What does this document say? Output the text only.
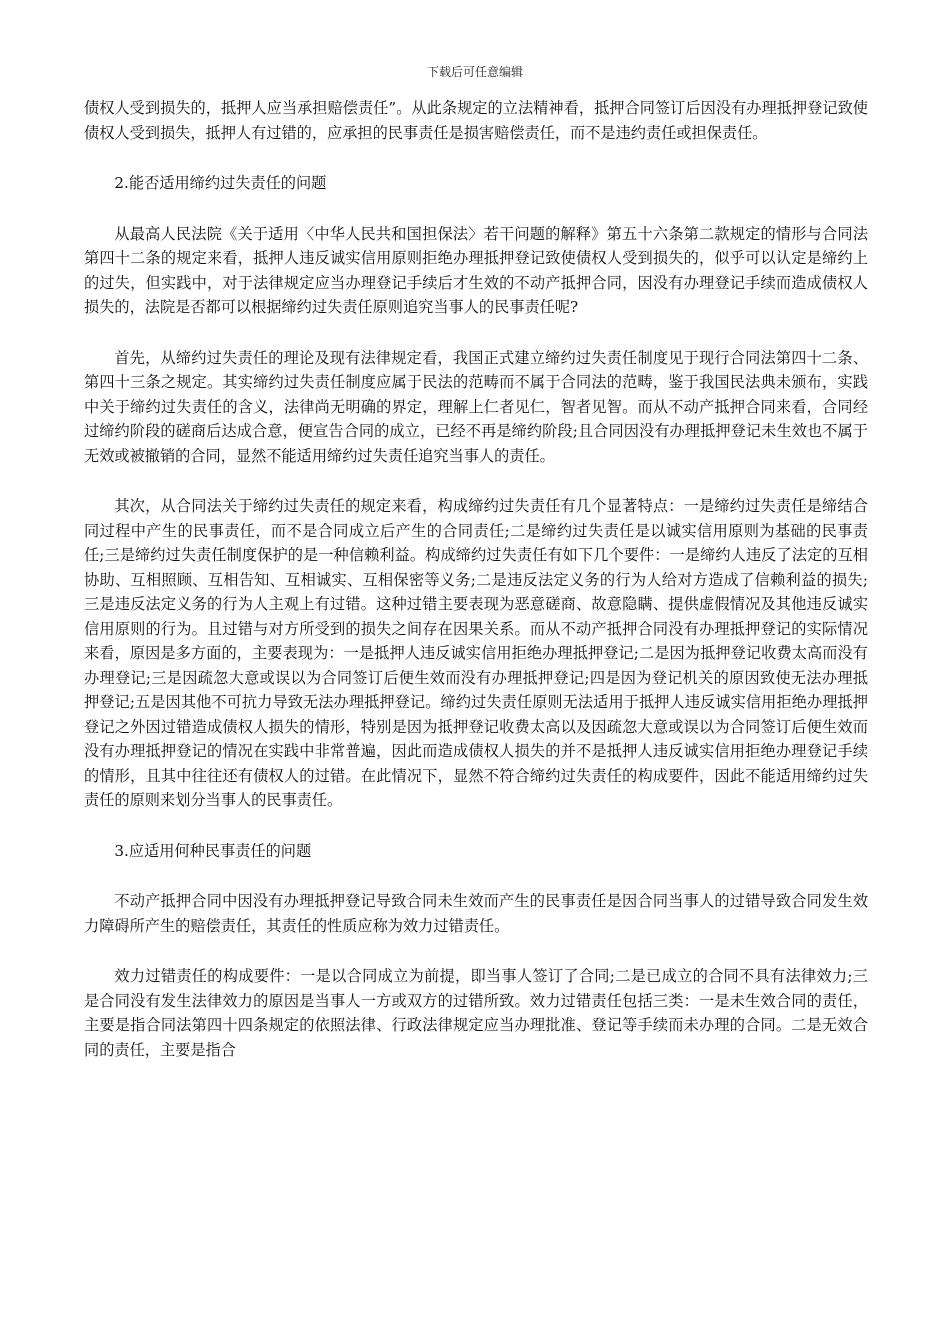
下载后可任意编辑

债权人受到损失的，抵押人应当承担赔偿责任”。从此条规定的立法精神看，抵押合同签订后因没有办理抵押登记致使债权人受到损失，抵押人有过错的，应承担的民事责任是损害赔偿责任，而不是违约责任或担保责任。

2.能否适用缔约过失责任的问题

从最高人民法院《关于适用〈中华人民共和国担保法〉若干问题的解释》第五十六条第二款规定的情形与合同法第四十二条的规定来看，抵押人违反诚实信用原则拒绝办理抵押登记致使债权人受到损失的，似乎可以认定是缔约上的过失，但实践中，对于法律规定应当办理登记手续后才生效的不动产抵押合同，因没有办理登记手续而造成债权人损失的，法院是否都可以根据缔约过失责任原则追究当事人的民事责任呢?

首先，从缔约过失责任的理论及现有法律规定看，我国正式建立缔约过失责任制度见于现行合同法第四十二条、第四十三条之规定。其实缔约过失责任制度应属于民法的范畴而不属于合同法的范畴，鉴于我国民法典未颁布，实践中关于缔约过失责任的含义，法律尚无明确的界定，理解上仁者见仁，智者见智。而从不动产抵押合同来看，合同经过缔约阶段的磋商后达成合意，便宣告合同的成立，已经不再是缔约阶段;且合同因没有办理抵押登记未生效也不属于无效或被撤销的合同，显然不能适用缔约过失责任追究当事人的责任。

其次，从合同法关于缔约过失责任的规定来看，构成缔约过失责任有几个显著特点：一是缔约过失责任是缔结合同过程中产生的民事责任，而不是合同成立后产生的合同责任;二是缔约过失责任是以诚实信用原则为基础的民事责任;三是缔约过失责任制度保护的是一种信赖利益。构成缔约过失责任有如下几个要件：一是缔约人违反了法定的互相协助、互相照顾、互相告知、互相诚实、互相保密等义务;二是违反法定义务的行为人给对方造成了信赖利益的损失;三是违反法定义务的行为人主观上有过错。这种过错主要表现为恶意磋商、故意隐瞒、提供虚假情况及其他违反诚实信用原则的行为。且过错与对方所受到的损失之间存在因果关系。而从不动产抵押合同没有办理抵押登记的实际情况来看，原因是多方面的，主要表现为：一是抵押人违反诚实信用拒绝办理抵押登记;二是因为抵押登记收费太高而没有办理登记;三是因疏忽大意或误以为合同签订后便生效而没有办理抵押登记;四是因为登记机关的原因致使无法办理抵押登记;五是因其他不可抗力导致无法办理抵押登记。缔约过失责任原则无法适用于抵押人违反诚实信用拒绝办理抵押登记之外因过错造成债权人损失的情形，特别是因为抵押登记收费太高以及因疏忽大意或误以为合同签订后便生效而没有办理抵押登记的情况在实践中非常普遍，因此而造成债权人损失的并不是抵押人违反诚实信用拒绝办理登记手续的情形，且其中往往还有债权人的过错。在此情况下，显然不符合缔约过失责任的构成要件，因此不能适用缔约过失责任的原则来划分当事人的民事责任。

3.应适用何种民事责任的问题

不动产抵押合同中因没有办理抵押登记导致合同未生效而产生的民事责任是因合同当事人的过错导致合同发生效力障碍所产生的赔偿责任，其责任的性质应称为效力过错责任。

效力过错责任的构成要件：一是以合同成立为前提，即当事人签订了合同;二是已成立的合同不具有法律效力;三是合同没有发生法律效力的原因是当事人一方或双方的过错所致。效力过错责任包括三类：一是未生效合同的责任，主要是指合同法第四十四条规定的依照法律、行政法律规定应当办理批准、登记等手续而未办理的合同。二是无效合同的责任，主要是指合
